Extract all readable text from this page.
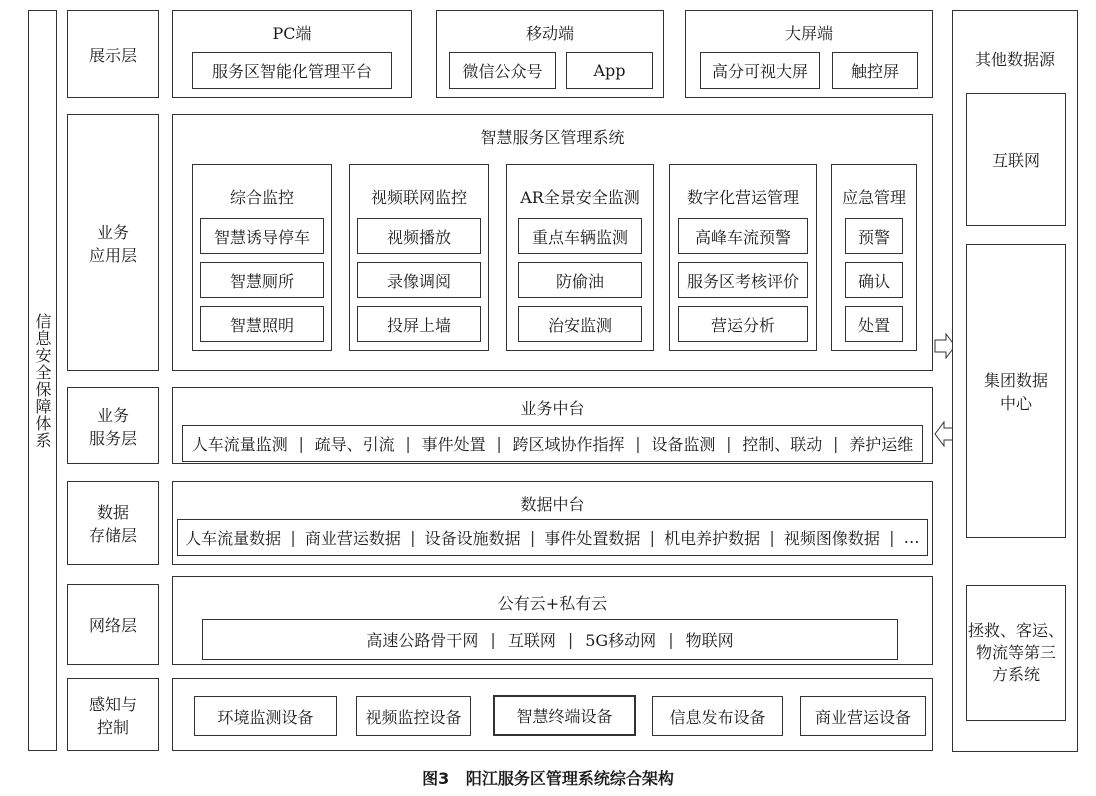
信息安全保障体系
展示层
业务
应用层
业务
服务层
数据
存储层
网络层
感知与
控制
PC端
服务区智能化管理平台
移动端
微信公众号	App
大屏端
高分可视大屏	触控屏
智慧服务区管理系统
综合监控
智慧诱导停车
智慧厕所
智慧照明
视频联网监控
视频播放
录像调阅
投屏上墙
AR全景安全监测
重点车辆监测
防偷油
治安监测
数字化营运管理
高峰车流预警
服务区考核评价
营运分析
应急管理
预警
确认
处置
业务中台
人车流量监测 | 疏导、引流 | 事件处置 | 跨区域协作指挥 | 设备监测 | 控制、联动 | 养护运维
数据中台
人车流量数据 | 商业营运数据 | 设备设施数据 | 事件处置数据 | 机电养护数据 | 视频图像数据 | …
公有云+私有云
高速公路骨干网 | 互联网 | 5G移动网 | 物联网
环境监测设备	视频监控设备	智慧终端设备	信息发布设备	商业营运设备
其他数据源
互联网
集团数据
中心
拯救、客运、
物流等第三
方系统
图3   阳江服务区管理系统综合架构
